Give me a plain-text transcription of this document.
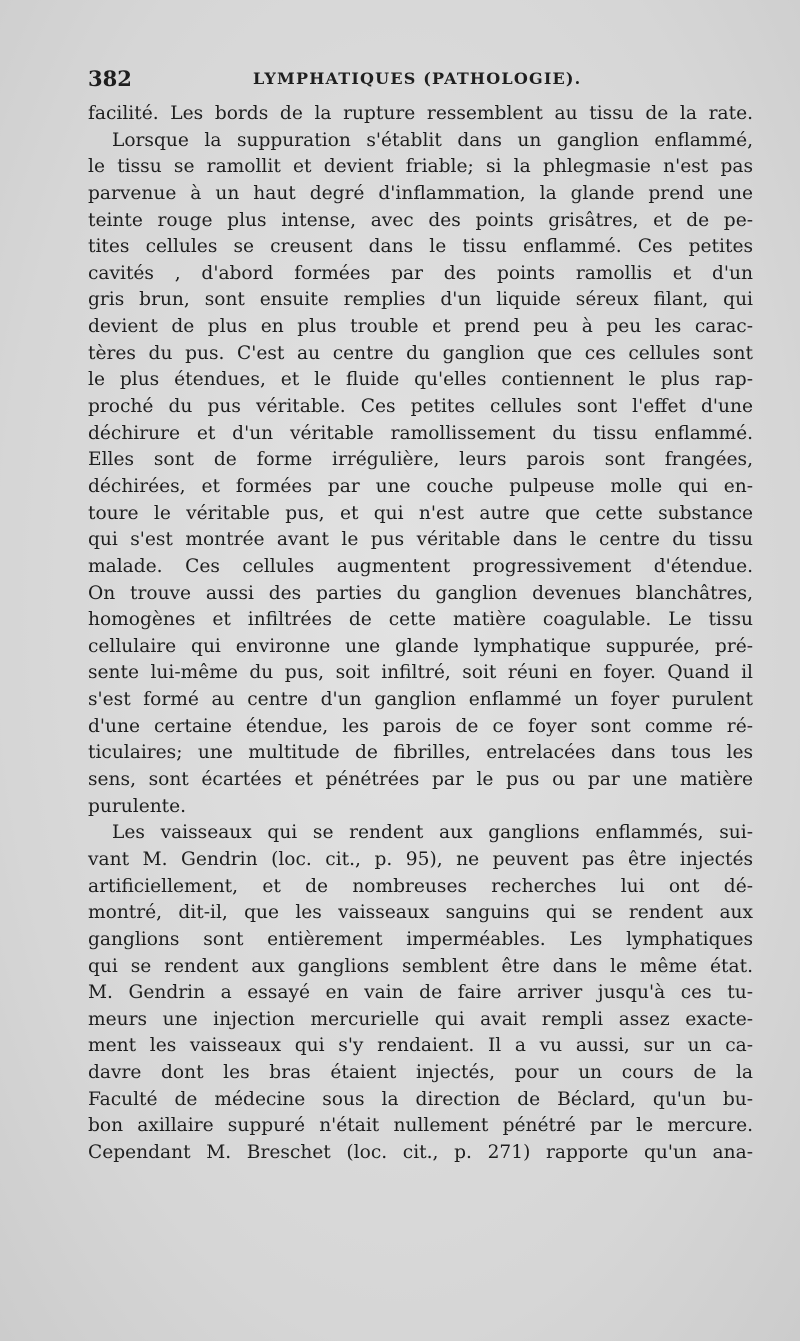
382	LYMPHATIQUES (PATHOLOGIE).
facilité. Les bords de la rupture ressemblent au tissu de la rate.
Lorsque la suppuration s'établit dans un ganglion enflammé,
le tissu se ramollit et devient friable; si la phlegmasie n'est pas
parvenue à un haut degré d'inflammation, la glande prend une
teinte rouge plus intense, avec des points grisâtres, et de pe-
tites cellules se creusent dans le tissu enflammé. Ces petites
cavités , d'abord formées par des points ramollis et d'un
gris brun, sont ensuite remplies d'un liquide séreux filant, qui
devient de plus en plus trouble et prend peu à peu les carac-
tères du pus. C'est au centre du ganglion que ces cellules sont
le plus étendues, et le fluide qu'elles contiennent le plus rap-
proché du pus véritable. Ces petites cellules sont l'effet d'une
déchirure et d'un véritable ramollissement du tissu enflammé.
Elles sont de forme irrégulière, leurs parois sont frangées,
déchirées, et formées par une couche pulpeuse molle qui en-
toure le véritable pus, et qui n'est autre que cette substance
qui s'est montrée avant le pus véritable dans le centre du tissu
malade. Ces cellules augmentent progressivement d'étendue.
On trouve aussi des parties du ganglion devenues blanchâtres,
homogènes et infiltrées de cette matière coagulable. Le tissu
cellulaire qui environne une glande lymphatique suppurée, pré-
sente lui-même du pus, soit infiltré, soit réuni en foyer. Quand il
s'est formé au centre d'un ganglion enflammé un foyer purulent
d'une certaine étendue, les parois de ce foyer sont comme ré-
ticulaires; une multitude de fibrilles, entrelacées dans tous les
sens, sont écartées et pénétrées par le pus ou par une matière
purulente.
Les vaisseaux qui se rendent aux ganglions enflammés, sui-
vant M. Gendrin (loc. cit., p. 95), ne peuvent pas être injectés
artificiellement, et de nombreuses recherches lui ont dé-
montré, dit-il, que les vaisseaux sanguins qui se rendent aux
ganglions sont entièrement imperméables. Les lymphatiques
qui se rendent aux ganglions semblent être dans le même état.
M. Gendrin a essayé en vain de faire arriver jusqu'à ces tu-
meurs une injection mercurielle qui avait rempli assez exacte-
ment les vaisseaux qui s'y rendaient. Il a vu aussi, sur un ca-
davre dont les bras étaient injectés, pour un cours de la
Faculté de médecine sous la direction de Béclard, qu'un bu-
bon axillaire suppuré n'était nullement pénétré par le mercure.
Cependant M. Breschet (loc. cit., p. 271) rapporte qu'un ana-
